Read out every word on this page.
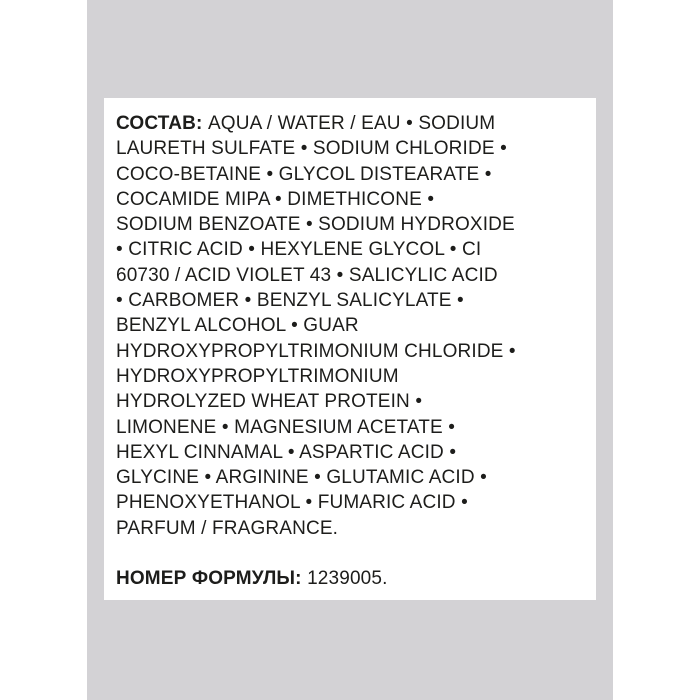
СОСТАВ: AQUA / WATER / EAU • SODIUM
LAURETH SULFATE • SODIUM CHLORIDE •
COCO-BETAINE • GLYCOL DISTEARATE •
COCAMIDE MIPA • DIMETHICONE •
SODIUM BENZOATE • SODIUM HYDROXIDE
• CITRIC ACID • HEXYLENE GLYCOL • CI
60730 / ACID VIOLET 43 • SALICYLIC ACID
• CARBOMER • BENZYL SALICYLATE •
BENZYL ALCOHOL • GUAR
HYDROXYPROPYLTRIMONIUM CHLORIDE •
HYDROXYPROPYLTRIMONIUM
HYDROLYZED WHEAT PROTEIN •
LIMONENE • MAGNESIUM ACETATE •
HEXYL CINNAMAL • ASPARTIC ACID •
GLYCINE • ARGININE • GLUTAMIC ACID •
PHENOXYETHANOL • FUMARIC ACID •
PARFUM / FRAGRANCE.
НОМЕР ФОРМУЛЫ: 1239005.
